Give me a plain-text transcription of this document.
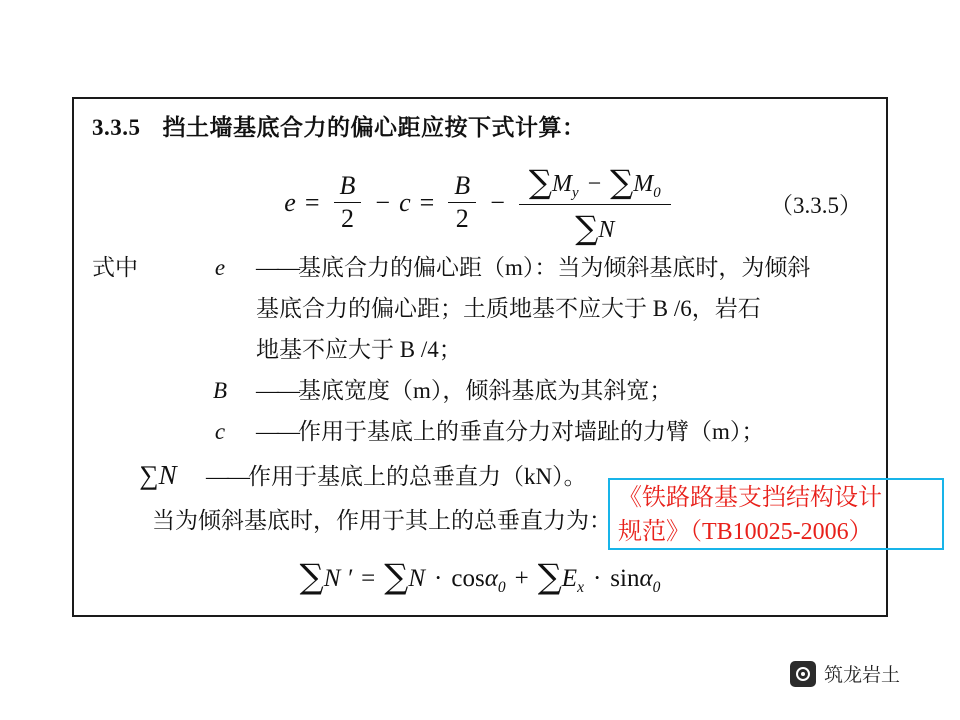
3.3.5 挡土墙基底合力的偏心距应按下式计算：
$e = \frac{B}{2} - c = \frac{B}{2} - \frac{\sum M_y - \sum M_0}{\sum N}$	（3.3.5）
式中	e ——基底合力的偏心距（m）：当为倾斜基底时，为倾斜
基底合力的偏心距；土质地基不应大于 B /6，岩石
地基不应大于 B /4；
B ——基底宽度（m），倾斜基底为其斜宽；
c ——作用于基底上的垂直分力对墙趾的力臂（m）；
∑N ——作用于基底上的总垂直力（kN）。
当为倾斜基底时，作用于其上的总垂直力为：
∑N ′ = $\sum N \cdot \cos\alpha_0 + \sum E_x \cdot \sin\alpha_0$
《铁路路基支挡结构设计
规范》（TB10025-2006）
筑龙岩土
